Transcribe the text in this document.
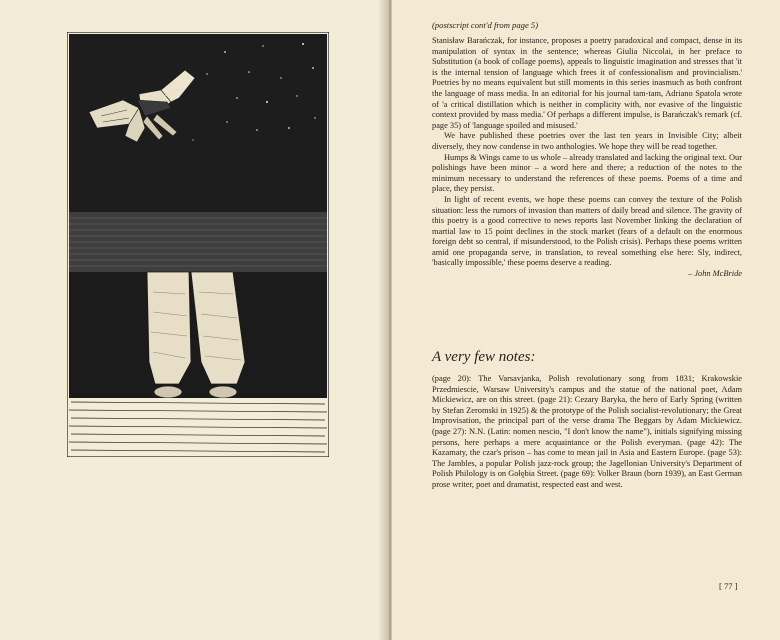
(postscript cont'd from page 5)

Stanisław Barańczak, for instance, proposes a poetry paradoxical and compact, dense in its manipulation of syntax in the sentence; whereas Giulia Niccolai, in her preface to Substitution (a book of collage poems), appeals to linguistic imagination and stresses that 'it is the internal tension of language which frees it of confessionalism and provincialism.' Poetries by no means equivalent but still moments in this series inasmuch as both confront the language of mass media. In an editorial for his journal tam-tam, Adriano Spatola wrote of 'a critical distillation which is neither in complicity with, nor evasive of the linguistic context provided by mass media.' Of perhaps a different impulse, is Barańczak's remark (cf. page 35) of 'language spoiled and misused.'

We have published these poetries over the last ten years in Invisible City; albeit diversely, they now condense in two anthologies. We hope they will be read together.

Humps & Wings came to us whole – already translated and lacking the original text. Our polishings have been minor – a word here and there; a reduction of the notes to the minimum necessary to understand the references of these poems. Poems of a time and place, they persist.

In light of recent events, we hope these poems can convey the texture of the Polish situation: less the rumors of invasion than matters of daily bread and silence. The gravity of this poetry is a good corrective to news reports last November linking the declaration of martial law to 15 point declines in the stock market (fears of a default on the enormous foreign debt so central, if misunderstood, to the Polish crisis). Perhaps these poems written amid one propaganda serve, in translation, to reveal something else here: Sly, indirect, 'basically impossible,' these poems deserve a reading.

– John McBride

A very few notes:

(page 20): The Varsavjanka, Polish revolutionary song from 1831; Krakowskie Przedmiescie, Warsaw University's campus and the statue of the national poet, Adam Mickiewicz, are on this street. (page 21): Cezary Baryka, the hero of Early Spring (written by Stefan Zeromski in 1925) & the prototype of the Polish socialist-revolutionary; the Great Improvisation, the principal part of the verse drama The Beggars by Adam Mickiewicz. (page 27): N.N. (Latin: nomen nescio, "I don't know the name"), initials signifying missing persons, here perhaps a mere acquaintance or the Polish everyman. (page 42): The Kazamaty, the czar's prison – has come to mean jail in Asia and Eastern Europe. (page 53): The Jambles, a popular Polish jazz-rock group; the Jagellonian University's Department of Polish Philology is on Gołębia Street. (page 69): Volker Braun (born 1939), an East German prose writer, poet and dramatist, respected east and west.

[ 77 ]
